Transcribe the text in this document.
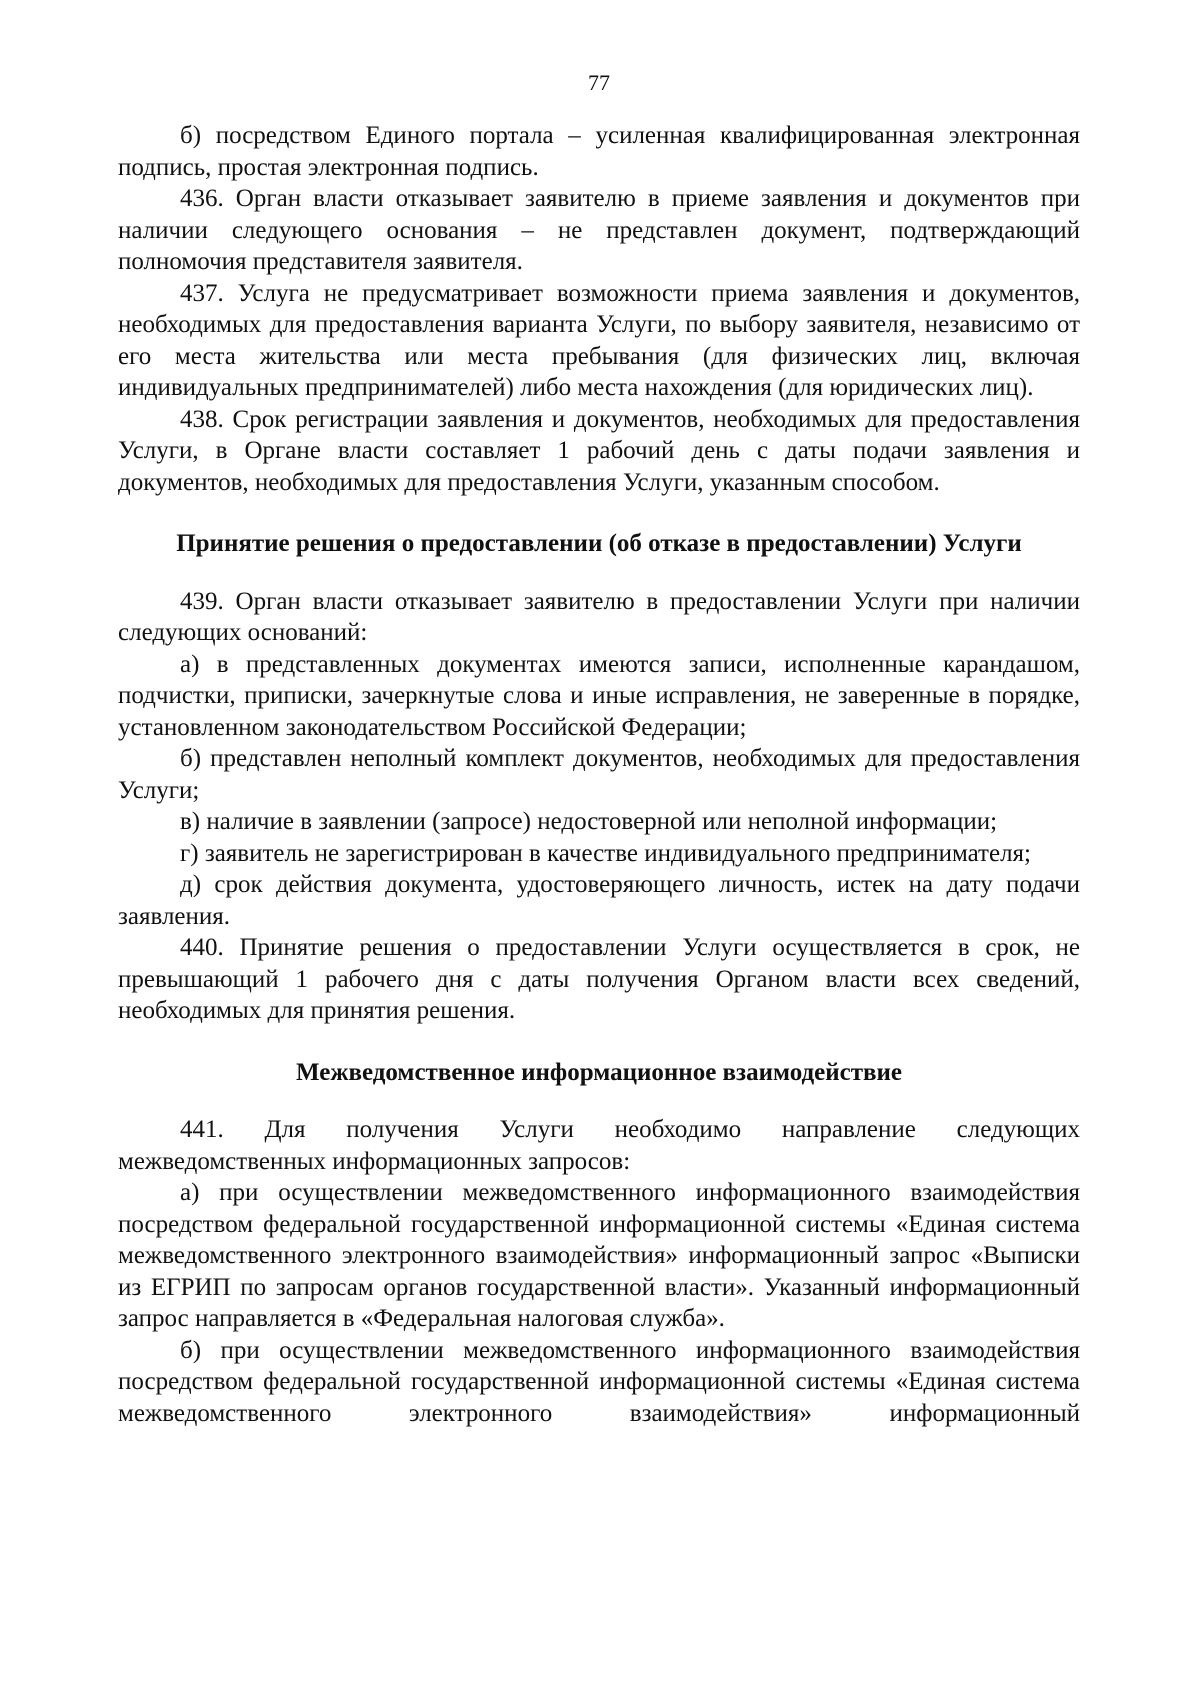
77

б) посредством Единого портала – усиленная квалифицированная электронная подпись, простая электронная подпись.

436. Орган власти отказывает заявителю в приеме заявления и документов при наличии следующего основания – не представлен документ, подтверждающий полномочия представителя заявителя.

437. Услуга не предусматривает возможности приема заявления и документов, необходимых для предоставления варианта Услуги, по выбору заявителя, независимо от его места жительства или места пребывания (для физических лиц, включая индивидуальных предпринимателей) либо места нахождения (для юридических лиц).

438. Срок регистрации заявления и документов, необходимых для предоставления Услуги, в Органе власти составляет 1 рабочий день с даты подачи заявления и документов, необходимых для предоставления Услуги, указанным способом.

Принятие решения о предоставлении (об отказе в предоставлении) Услуги

439. Орган власти отказывает заявителю в предоставлении Услуги при наличии следующих оснований:

а) в представленных документах имеются записи, исполненные карандашом, подчистки, приписки, зачеркнутые слова и иные исправления, не заверенные в порядке, установленном законодательством Российской Федерации;

б) представлен неполный комплект документов, необходимых для предоставления Услуги;

в) наличие в заявлении (запросе) недостоверной или неполной информации;

г) заявитель не зарегистрирован в качестве индивидуального предпринимателя;

д) срок действия документа, удостоверяющего личность, истек на дату подачи заявления.

440. Принятие решения о предоставлении Услуги осуществляется в срок, не превышающий 1 рабочего дня с даты получения Органом власти всех сведений, необходимых для принятия решения.

Межведомственное информационное взаимодействие

441. Для получения Услуги необходимо направление следующих межведомственных информационных запросов:

а) при осуществлении межведомственного информационного взаимодействия посредством федеральной государственной информационной системы «Единая система межведомственного электронного взаимодействия» информационный запрос «Выписки из ЕГРИП по запросам органов государственной власти». Указанный информационный запрос направляется в «Федеральная налоговая служба».

б) при осуществлении межведомственного информационного взаимодействия посредством федеральной государственной информационной системы «Единая система межведомственного электронного взаимодействия» информационный
